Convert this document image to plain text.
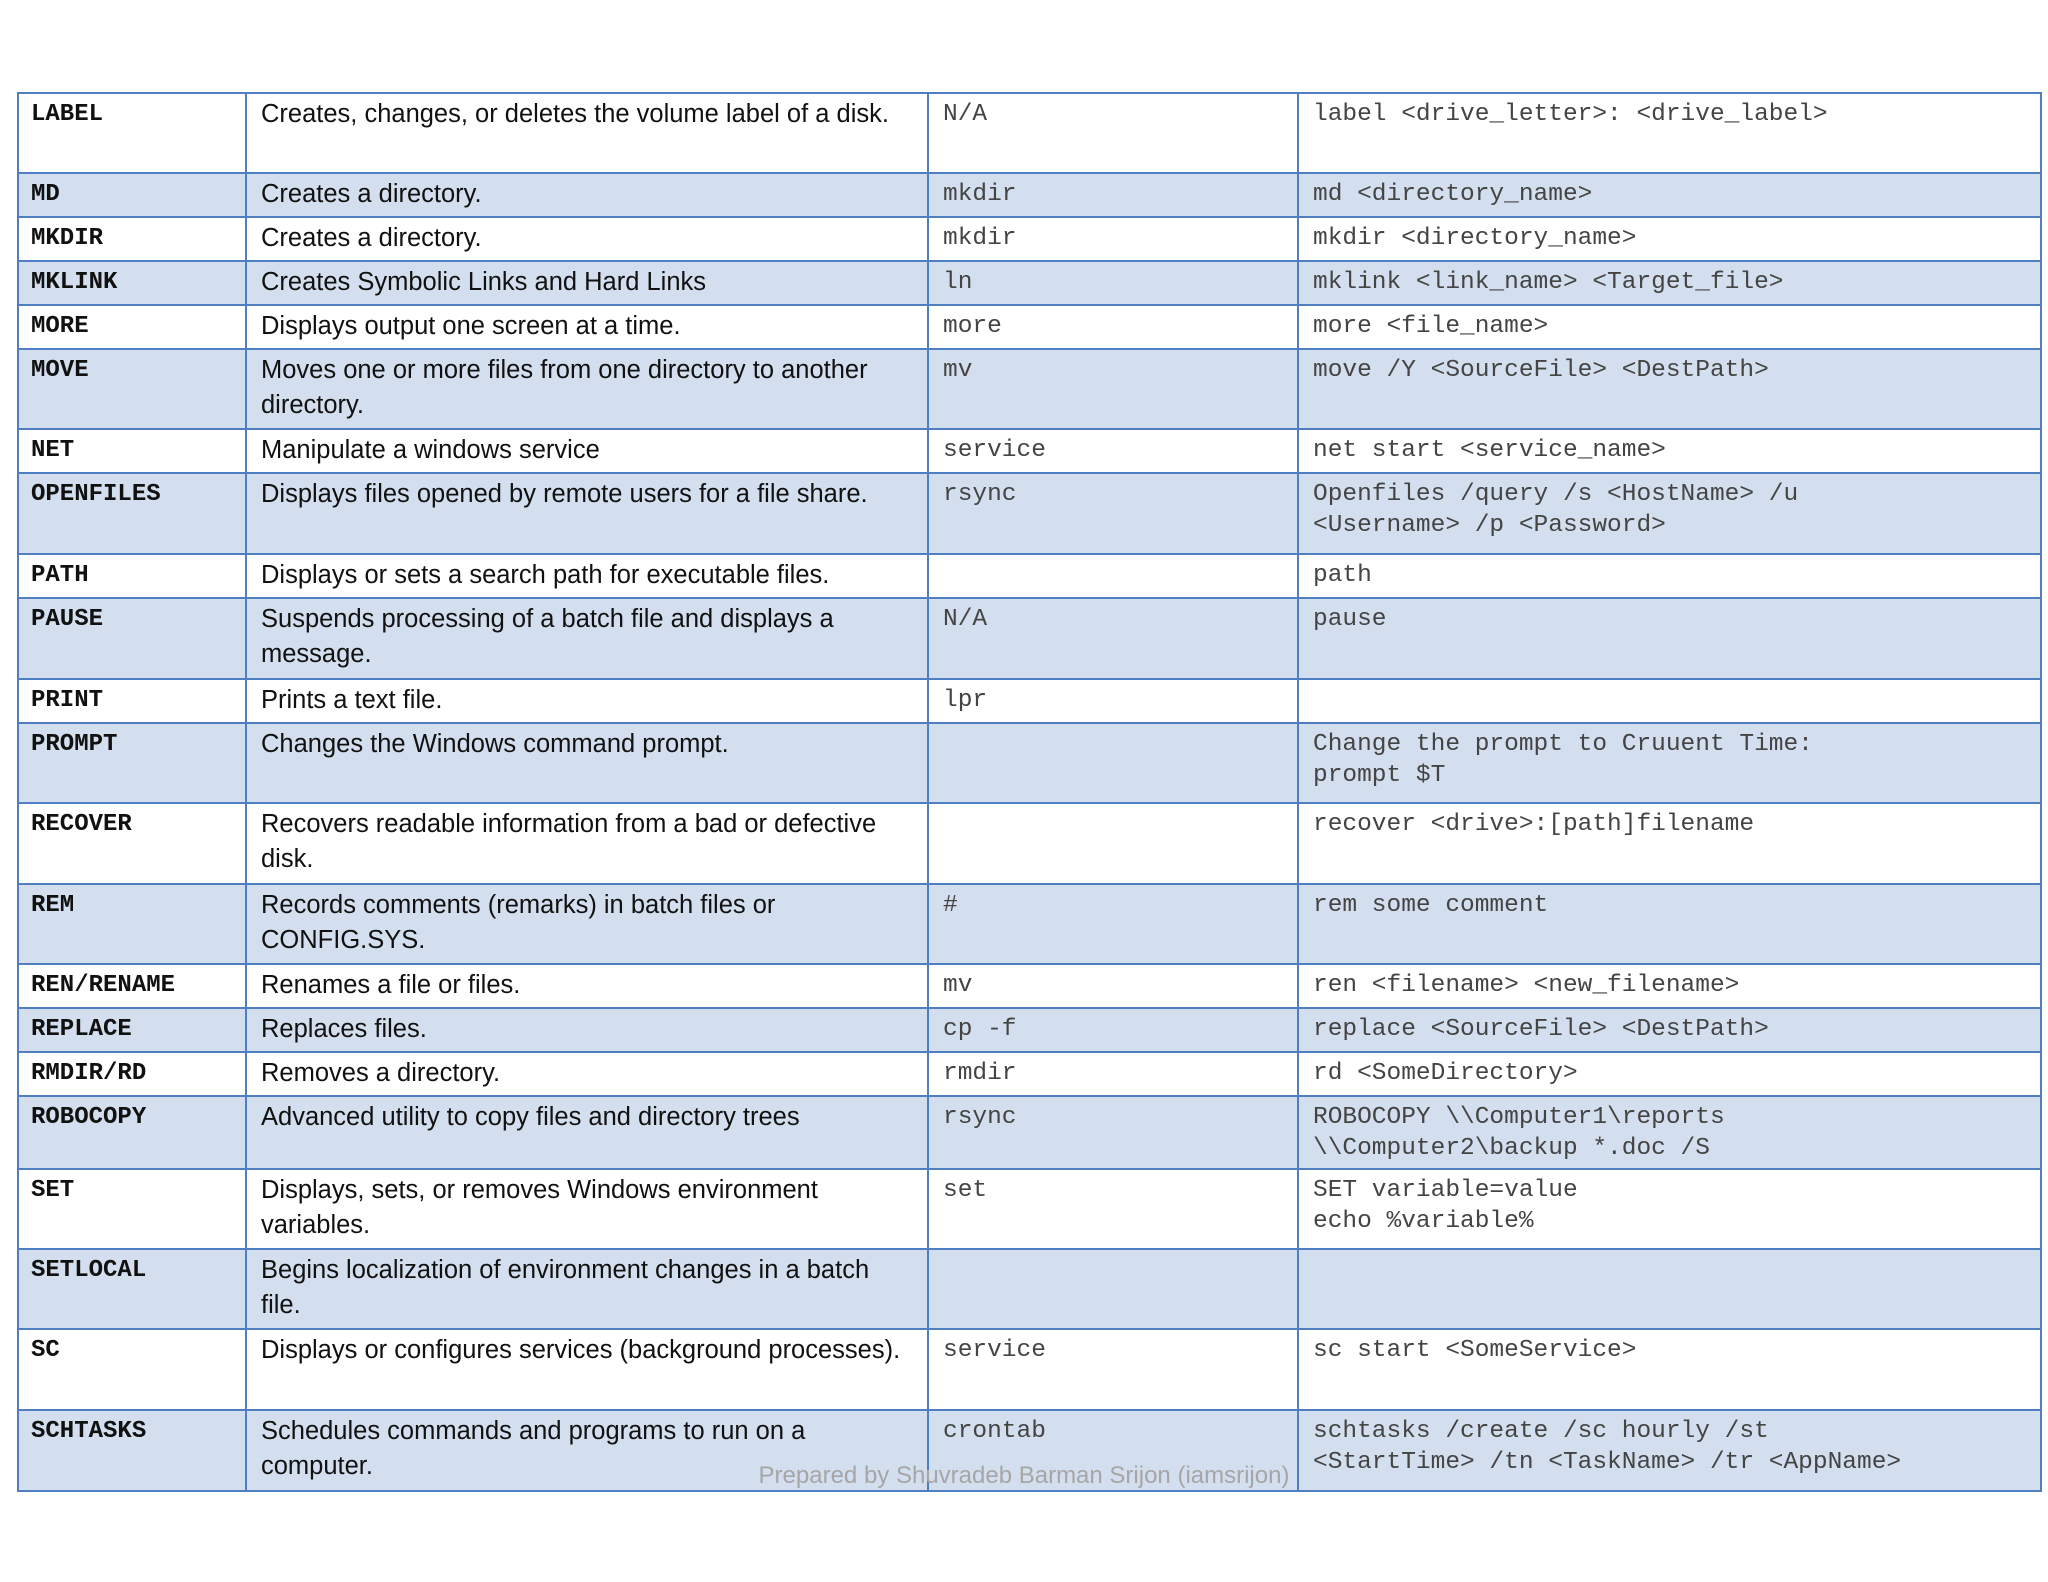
LABEL	Creates, changes, or deletes the volume label of a disk.	N/A	label <drive_letter>: <drive_label>
MD	Creates a directory.	mkdir	md <directory_name>
MKDIR	Creates a directory.	mkdir	mkdir <directory_name>
MKLINK	Creates Symbolic Links and Hard Links	ln	mklink <link_name> <Target_file>
MORE	Displays output one screen at a time.	more	more <file_name>
MOVE	Moves one or more files from one directory to another directory.	mv	move /Y <SourceFile> <DestPath>
NET	Manipulate a windows service	service	net start <service_name>
OPENFILES	Displays files opened by remote users for a file share.	rsync	Openfiles /query /s <HostName> /u
<Username> /p <Password>
PATH	Displays or sets a search path for executable files.		path
PAUSE	Suspends processing of a batch file and displays a message.	N/A	pause
PRINT	Prints a text file.	lpr	
PROMPT	Changes the Windows command prompt.		Change the prompt to Cruuent Time:
prompt $T
RECOVER	Recovers readable information from a bad or defective disk.		recover <drive>:[path]filename
REM	Records comments (remarks) in batch files or CONFIG.SYS.	#	rem some comment
REN/RENAME	Renames a file or files.	mv	ren <filename> <new_filename>
REPLACE	Replaces files.	cp -f	replace <SourceFile> <DestPath>
RMDIR/RD	Removes a directory.	rmdir	rd <SomeDirectory>
ROBOCOPY	Advanced utility to copy files and directory trees	rsync	ROBOCOPY \\Computer1\reports
\\Computer2\backup *.doc /S
SET	Displays, sets, or removes Windows environment variables.	set	SET variable=value
echo %variable%
SETLOCAL	Begins localization of environment changes in a batch file.		
SC	Displays or configures services (background processes).	service	sc start <SomeService>
SCHTASKS	Schedules commands and programs to run on a computer.	crontab	schtasks /create /sc hourly /st
<StartTime> /tn <TaskName> /tr <AppName>
Prepared by Shuvradeb Barman Srijon (iamsrijon)
